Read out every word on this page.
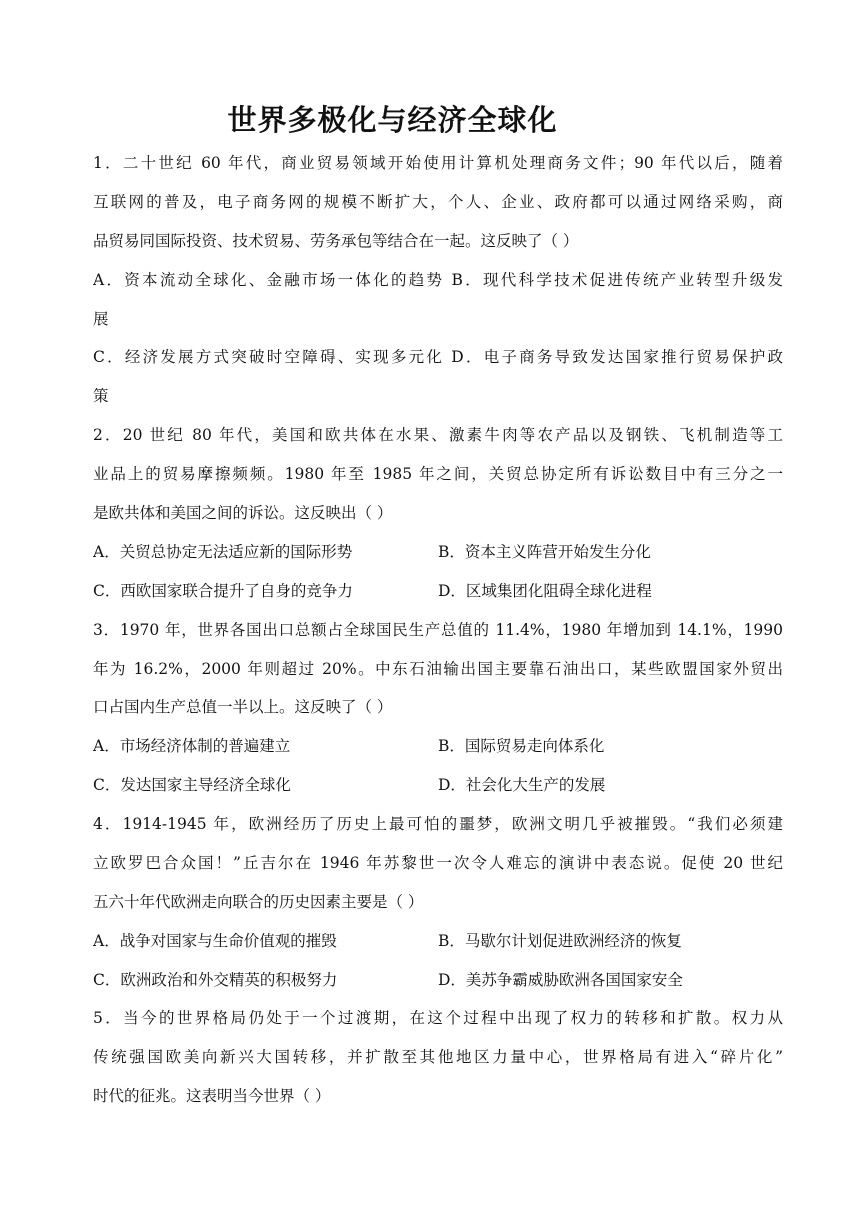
世界多极化与经济全球化
1．二十世纪 60 年代，商业贸易领域开始使用计算机处理商务文件；90 年代以后，随着
互联网的普及，电子商务网的规模不断扩大，个人、企业、政府都可以通过网络采购，商
品贸易同国际投资、技术贸易、劳务承包等结合在一起。这反映了（ ）
A．资本流动全球化、金融市场一体化的趋势 B．现代科学技术促进传统产业转型升级发
展
C．经济发展方式突破时空障碍、实现多元化 D．电子商务导致发达国家推行贸易保护政
策
2．20 世纪 80 年代，美国和欧共体在水果、激素牛肉等农产品以及钢铁、飞机制造等工
业品上的贸易摩擦频频。1980 年至 1985 年之间，关贸总协定所有诉讼数目中有三分之一
是欧共体和美国之间的诉讼。这反映出（ ）
A．关贸总协定无法适应新的国际形势	B．资本主义阵营开始发生分化
C．西欧国家联合提升了自身的竞争力	D．区域集团化阻碍全球化进程
3．1970 年，世界各国出口总额占全球国民生产总值的 11.4%，1980 年增加到 14.1%，1990
年为 16.2%，2000 年则超过 20%。中东石油输出国主要靠石油出口，某些欧盟国家外贸出
口占国内生产总值一半以上。这反映了（ ）
A．市场经济体制的普遍建立	B．国际贸易走向体系化
C．发达国家主导经济全球化	D．社会化大生产的发展
4．1914-1945 年，欧洲经历了历史上最可怕的噩梦，欧洲文明几乎被摧毁。“我们必须建
立欧罗巴合众国！”丘吉尔在 1946 年苏黎世一次令人难忘的演讲中表态说。促使 20 世纪
五六十年代欧洲走向联合的历史因素主要是（ ）
A．战争对国家与生命价值观的摧毁	B．马歇尔计划促进欧洲经济的恢复
C．欧洲政治和外交精英的积极努力	D．美苏争霸威胁欧洲各国国家安全
5．当今的世界格局仍处于一个过渡期，在这个过程中出现了权力的转移和扩散。权力从
传统强国欧美向新兴大国转移，并扩散至其他地区力量中心，世界格局有进入“碎片化”
时代的征兆。这表明当今世界（ ）
